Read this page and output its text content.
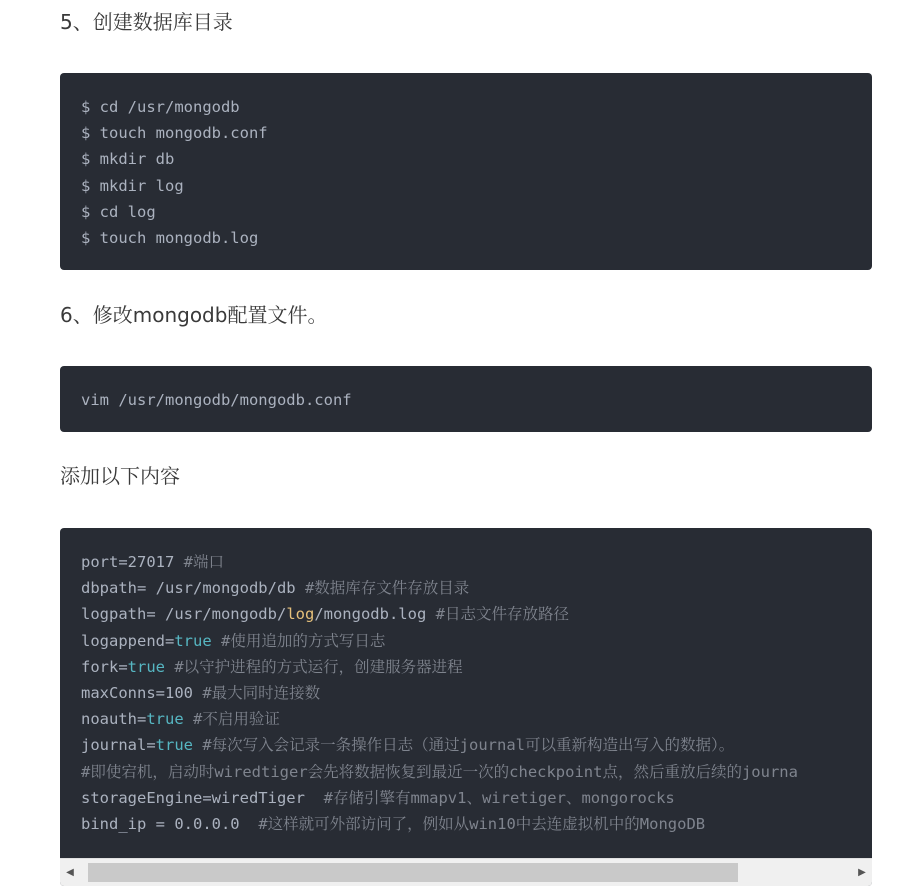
5、创建数据库目录
$ touch mongodb.log
$ cd log
$ mkdir log
$ mkdir db
$ touch mongodb.conf
$ cd /usr/mongodb
6、修改mongodb配置文件。
vim /usr/mongodb/mongodb.conf
添加以下内容
bind_ip = 0.0.0.0  #这样就可外部访问了，例如从win10中去连虚拟机中的MongoDB
storageEngine=wiredTiger  #存储引擎有mmapv1、wiretiger、mongorocks
#即使宕机，启动时wiredtiger会先将数据恢复到最近一次的checkpoint点，然后重放后续的journa
journal=true #每次写入会记录一条操作日志（通过journal可以重新构造出写入的数据）。
noauth=true #不启用验证
maxConns=100 #最大同时连接数
fork=true #以守护进程的方式运行，创建服务器进程
logappend=true #使用追加的方式写日志
logpath= /usr/mongodb/log/mongodb.log #日志文件存放路径
dbpath= /usr/mongodb/db #数据库存文件存放目录
port=27017 #端口
◀	▶
